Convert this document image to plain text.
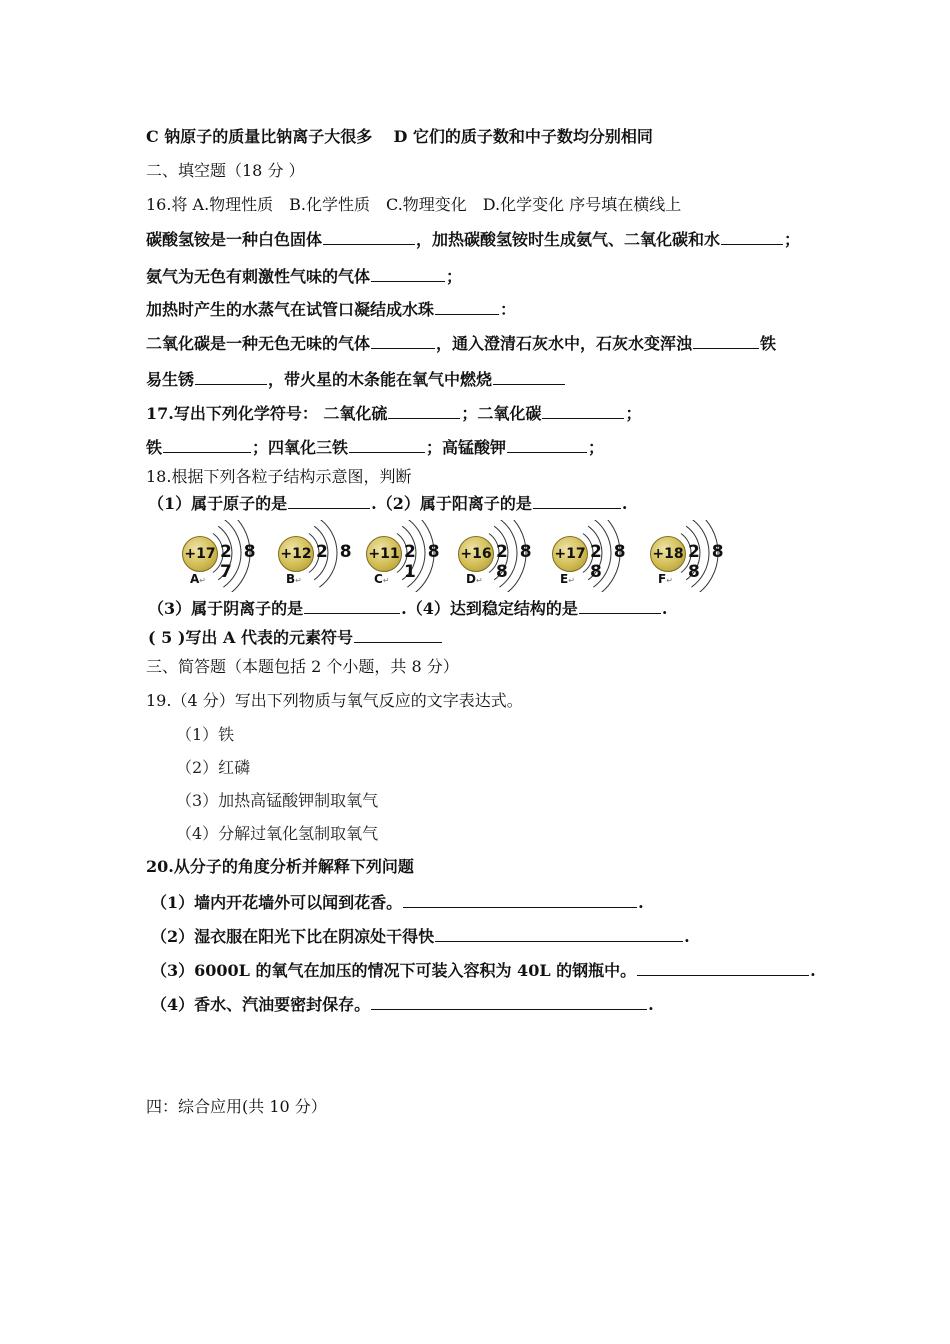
C 钠原子的质量比钠离子大很多 D 它们的质子数和中子数均分别相同
二、填空题（18 分 ）
16.将 A.物理性质　B.化学性质　C.物理变化　D.化学变化 序号填在横线上
碳酸氢铵是一种白色固体	，加热碳酸氢铵时生成氨气、二氧化碳和水	；
氨气为无色有刺激性气味的气体	；
加热时产生的水蒸气在试管口凝结成水珠	：
二氧化碳是一种无色无味的气体	，通入澄清石灰水中，石灰水变浑浊	铁
易生锈	，带火星的木条能在氧气中燃烧
17.写出下列化学符号： 二氧化硫	；二氧化碳	；
铁	；四氧化三铁	；高锰酸钾	；
18.根据下列各粒子结构示意图，判断
（1）属于原子的是	.（2）属于阳离子的是	.
+17 2 8 7
A↵
+12 2 8
B↵
+11 2 8 1
C↵
+16 2 8 8
D↵
+17 2 8 8
E↵
+18 2 8 8
F↵
（3）属于阴离子的是	.（4）达到稳定结构的是	.
( 5 )写出 A 代表的元素符号
三、简答题（本题包括 2 个小题，共 8 分）
19.（4 分）写出下列物质与氧气反应的文字表达式。
（1）铁
（2）红磷
（3）加热高锰酸钾制取氧气
（4）分解过氧化氢制取氧气
20.从分子的角度分析并解释下列问题
（1）墙内开花墙外可以闻到花香。	.
（2）湿衣服在阳光下比在阴凉处干得快	.
（3）6000L 的氧气在加压的情况下可装入容积为 40L 的钢瓶中。	.
（4）香水、汽油要密封保存。	.
四：综合应用(共 10 分）
